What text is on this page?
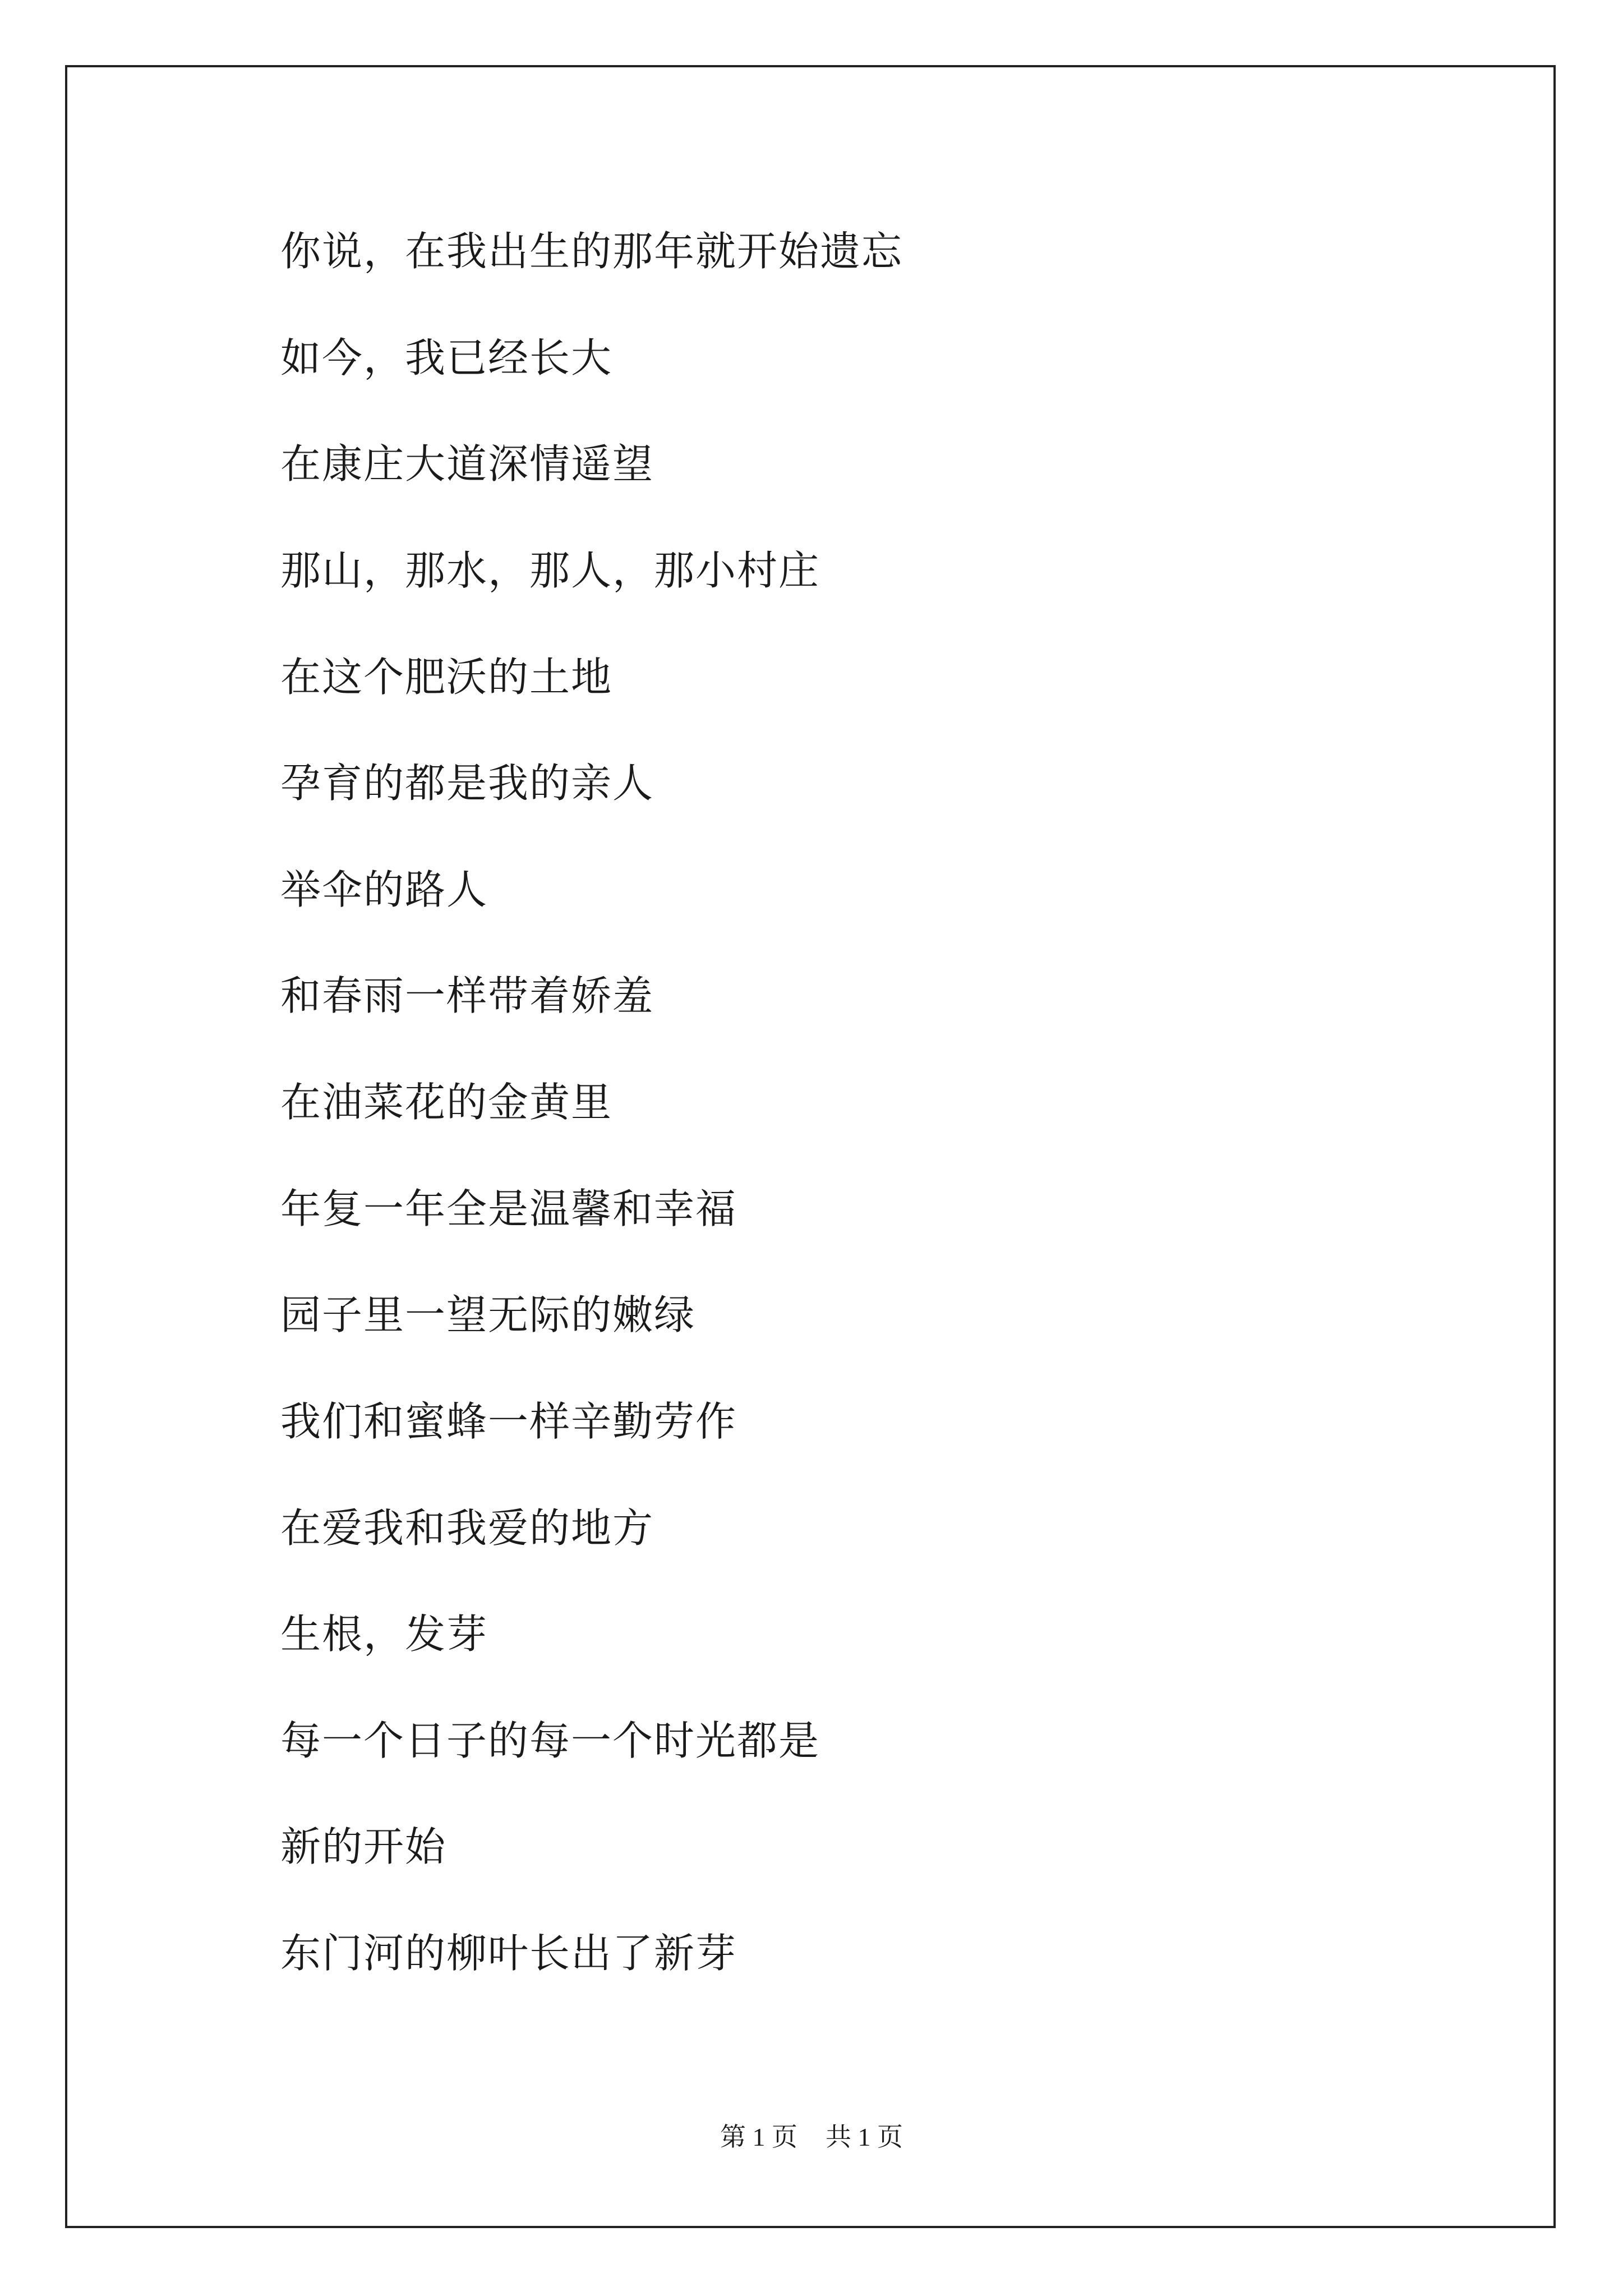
你说，在我出生的那年就开始遗忘

如今，我已经长大

在康庄大道深情遥望

那山，那水，那人，那小村庄

在这个肥沃的土地

孕育的都是我的亲人

举伞的路人

和春雨一样带着娇羞

在油菜花的金黄里

年复一年全是温馨和幸福

园子里一望无际的嫩绿

我们和蜜蜂一样辛勤劳作

在爱我和我爱的地方

生根，发芽

每一个日子的每一个时光都是

新的开始

东门河的柳叶长出了新芽

第 1 页 共 1 页
